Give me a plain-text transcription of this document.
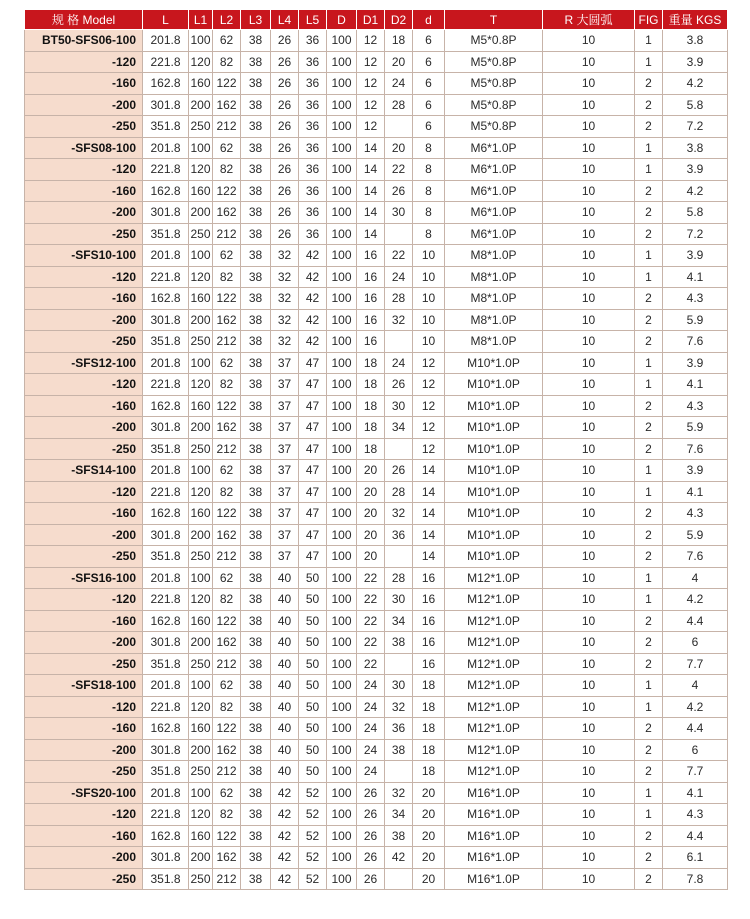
规 格 Model	L	L1	L2	L3	L4	L5	D	D1	D2	d	T	R 大圆弧	FIG	重量 KGS
BT50-SFS06-100	201.8	100	62	38	26	36	100	12	18	6	M5*0.8P	10	1	3.8
-120	221.8	120	82	38	26	36	100	12	20	6	M5*0.8P	10	1	3.9
-160	162.8	160	122	38	26	36	100	12	24	6	M5*0.8P	10	2	4.2
-200	301.8	200	162	38	26	36	100	12	28	6	M5*0.8P	10	2	5.8
-250	351.8	250	212	38	26	36	100	12		6	M5*0.8P	10	2	7.2
-SFS08-100	201.8	100	62	38	26	36	100	14	20	8	M6*1.0P	10	1	3.8
-120	221.8	120	82	38	26	36	100	14	22	8	M6*1.0P	10	1	3.9
-160	162.8	160	122	38	26	36	100	14	26	8	M6*1.0P	10	2	4.2
-200	301.8	200	162	38	26	36	100	14	30	8	M6*1.0P	10	2	5.8
-250	351.8	250	212	38	26	36	100	14		8	M6*1.0P	10	2	7.2
-SFS10-100	201.8	100	62	38	32	42	100	16	22	10	M8*1.0P	10	1	3.9
-120	221.8	120	82	38	32	42	100	16	24	10	M8*1.0P	10	1	4.1
-160	162.8	160	122	38	32	42	100	16	28	10	M8*1.0P	10	2	4.3
-200	301.8	200	162	38	32	42	100	16	32	10	M8*1.0P	10	2	5.9
-250	351.8	250	212	38	32	42	100	16		10	M8*1.0P	10	2	7.6
-SFS12-100	201.8	100	62	38	37	47	100	18	24	12	M10*1.0P	10	1	3.9
-120	221.8	120	82	38	37	47	100	18	26	12	M10*1.0P	10	1	4.1
-160	162.8	160	122	38	37	47	100	18	30	12	M10*1.0P	10	2	4.3
-200	301.8	200	162	38	37	47	100	18	34	12	M10*1.0P	10	2	5.9
-250	351.8	250	212	38	37	47	100	18		12	M10*1.0P	10	2	7.6
-SFS14-100	201.8	100	62	38	37	47	100	20	26	14	M10*1.0P	10	1	3.9
-120	221.8	120	82	38	37	47	100	20	28	14	M10*1.0P	10	1	4.1
-160	162.8	160	122	38	37	47	100	20	32	14	M10*1.0P	10	2	4.3
-200	301.8	200	162	38	37	47	100	20	36	14	M10*1.0P	10	2	5.9
-250	351.8	250	212	38	37	47	100	20		14	M10*1.0P	10	2	7.6
-SFS16-100	201.8	100	62	38	40	50	100	22	28	16	M12*1.0P	10	1	4
-120	221.8	120	82	38	40	50	100	22	30	16	M12*1.0P	10	1	4.2
-160	162.8	160	122	38	40	50	100	22	34	16	M12*1.0P	10	2	4.4
-200	301.8	200	162	38	40	50	100	22	38	16	M12*1.0P	10	2	6
-250	351.8	250	212	38	40	50	100	22		16	M12*1.0P	10	2	7.7
-SFS18-100	201.8	100	62	38	40	50	100	24	30	18	M12*1.0P	10	1	4
-120	221.8	120	82	38	40	50	100	24	32	18	M12*1.0P	10	1	4.2
-160	162.8	160	122	38	40	50	100	24	36	18	M12*1.0P	10	2	4.4
-200	301.8	200	162	38	40	50	100	24	38	18	M12*1.0P	10	2	6
-250	351.8	250	212	38	40	50	100	24		18	M12*1.0P	10	2	7.7
-SFS20-100	201.8	100	62	38	42	52	100	26	32	20	M16*1.0P	10	1	4.1
-120	221.8	120	82	38	42	52	100	26	34	20	M16*1.0P	10	1	4.3
-160	162.8	160	122	38	42	52	100	26	38	20	M16*1.0P	10	2	4.4
-200	301.8	200	162	38	42	52	100	26	42	20	M16*1.0P	10	2	6.1
-250	351.8	250	212	38	42	52	100	26		20	M16*1.0P	10	2	7.8
